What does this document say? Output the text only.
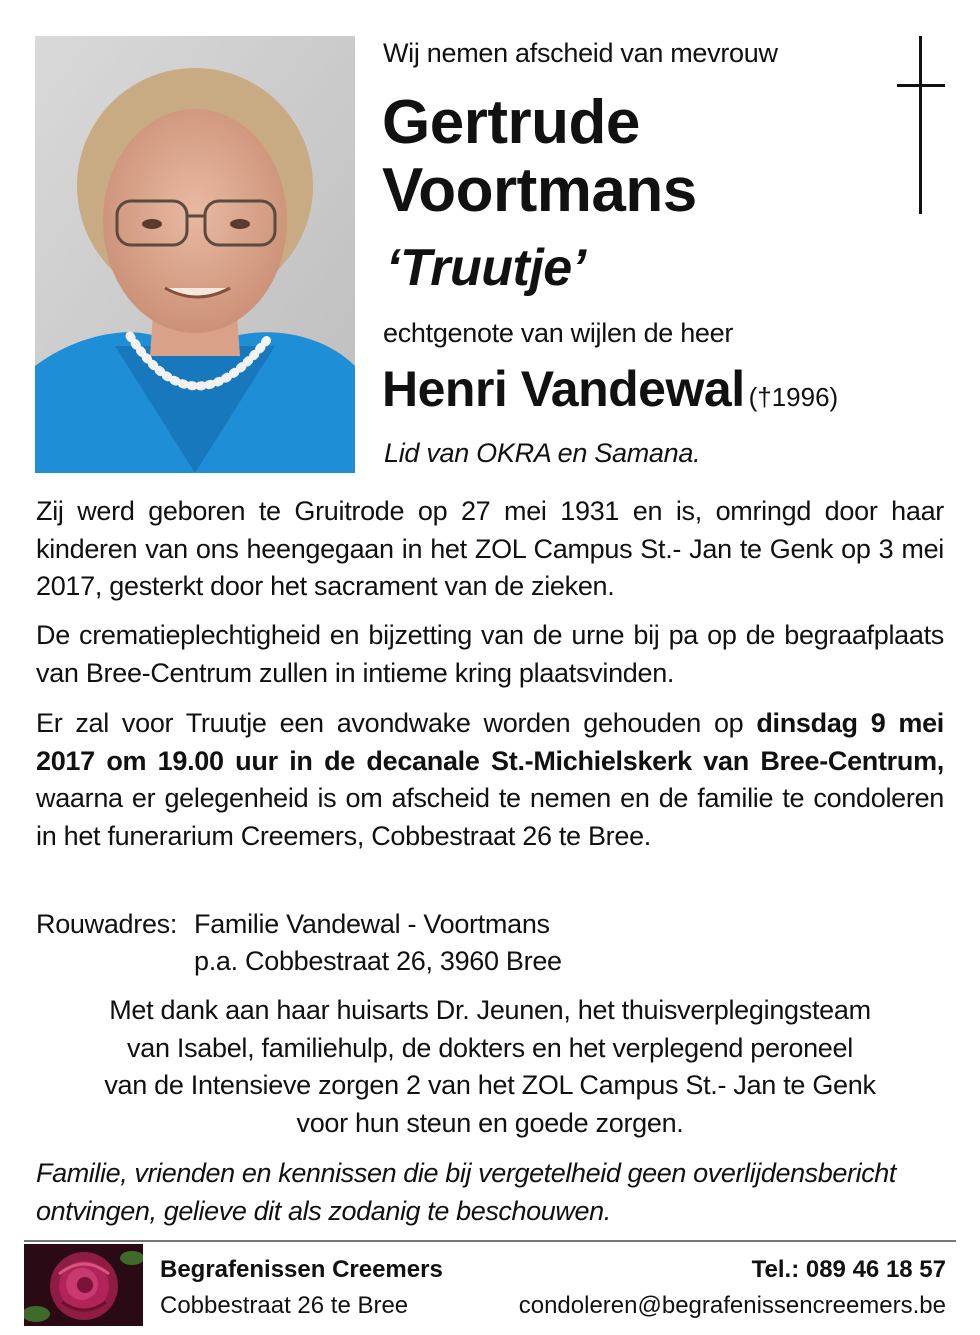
Wij nemen afscheid van mevrouw
Gertrude
Voortmans
‘Truutje’
echtgenote van wijlen de heer
Henri Vandewal (†1996)
Lid van OKRA en Samana.
Zij werd geboren te Gruitrode op 27 mei 1931 en is, omringd door haar kinderen van ons heengegaan in het ZOL Campus St.- Jan te Genk op 3 mei 2017, gesterkt door het sacrament van de zieken.
De crematieplechtigheid en bijzetting van de urne bij pa op de begraafplaats van Bree-Centrum zullen in intieme kring plaatsvinden.
Er zal voor Truutje een avondwake worden gehouden op dinsdag 9 mei 2017 om 19.00 uur in de decanale St.-Michielskerk van Bree-Centrum, waarna er gelegenheid is om afscheid te nemen en de familie te condoleren in het funerarium Creemers, Cobbestraat 26 te Bree.
Rouwadres: Familie Vandewal - Voortmans
p.a. Cobbestraat 26, 3960 Bree
Met dank aan haar huisarts Dr. Jeunen, het thuisverplegingsteam
van Isabel, familiehulp, de dokters en het verplegend peroneel
van de Intensieve zorgen 2 van het ZOL Campus St.- Jan te Genk
voor hun steun en goede zorgen.
Familie, vrienden en kennissen die bij vergetelheid geen overlijdensbericht
ontvingen, gelieve dit als zodanig te beschouwen.
Begrafenissen Creemers
Cobbestraat 26 te Bree
Tel.: 089 46 18 57
condoleren@begrafenissencreemers.be
